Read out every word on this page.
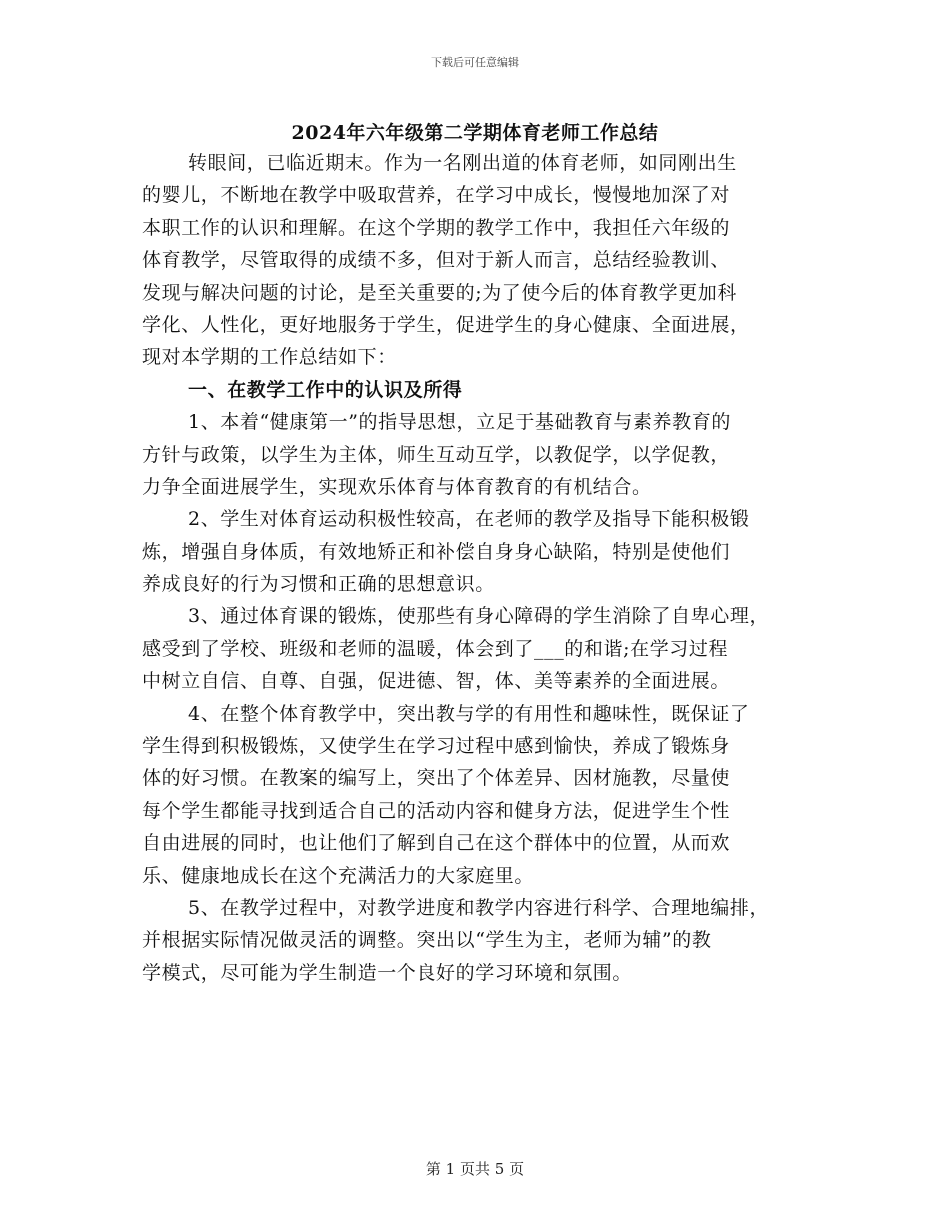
下载后可任意编辑
2024年六年级第二学期体育老师工作总结
转眼间，已临近期末。作为一名刚出道的体育老师，如同刚出生
的婴儿，不断地在教学中吸取营养，在学习中成长，慢慢地加深了对
本职工作的认识和理解。在这个学期的教学工作中，我担任六年级的
体育教学，尽管取得的成绩不多，但对于新人而言，总结经验教训、
发现与解决问题的讨论，是至关重要的;为了使今后的体育教学更加科
学化、人性化，更好地服务于学生，促进学生的身心健康、全面进展，
现对本学期的工作总结如下：
一、在教学工作中的认识及所得
1、本着“健康第一”的指导思想，立足于基础教育与素养教育的
方针与政策，以学生为主体，师生互动互学，以教促学，以学促教，
力争全面进展学生，实现欢乐体育与体育教育的有机结合。
2、学生对体育运动积极性较高，在老师的教学及指导下能积极锻
炼，增强自身体质，有效地矫正和补偿自身身心缺陷，特别是使他们
养成良好的行为习惯和正确的思想意识。
3、通过体育课的锻炼，使那些有身心障碍的学生消除了自卑心理，
感受到了学校、班级和老师的温暖，体会到了___的和谐;在学习过程
中树立自信、自尊、自强，促进德、智，体、美等素养的全面进展。
4、在整个体育教学中，突出教与学的有用性和趣味性，既保证了
学生得到积极锻炼，又使学生在学习过程中感到愉快，养成了锻炼身
体的好习惯。在教案的编写上，突出了个体差异、因材施教，尽量使
每个学生都能寻找到适合自己的活动内容和健身方法，促进学生个性
自由进展的同时，也让他们了解到自己在这个群体中的位置，从而欢
乐、健康地成长在这个充满活力的大家庭里。
5、在教学过程中，对教学进度和教学内容进行科学、合理地编排，
并根据实际情况做灵活的调整。突出以“学生为主，老师为辅”的教
学模式，尽可能为学生制造一个良好的学习环境和氛围。
第 1 页共 5 页
